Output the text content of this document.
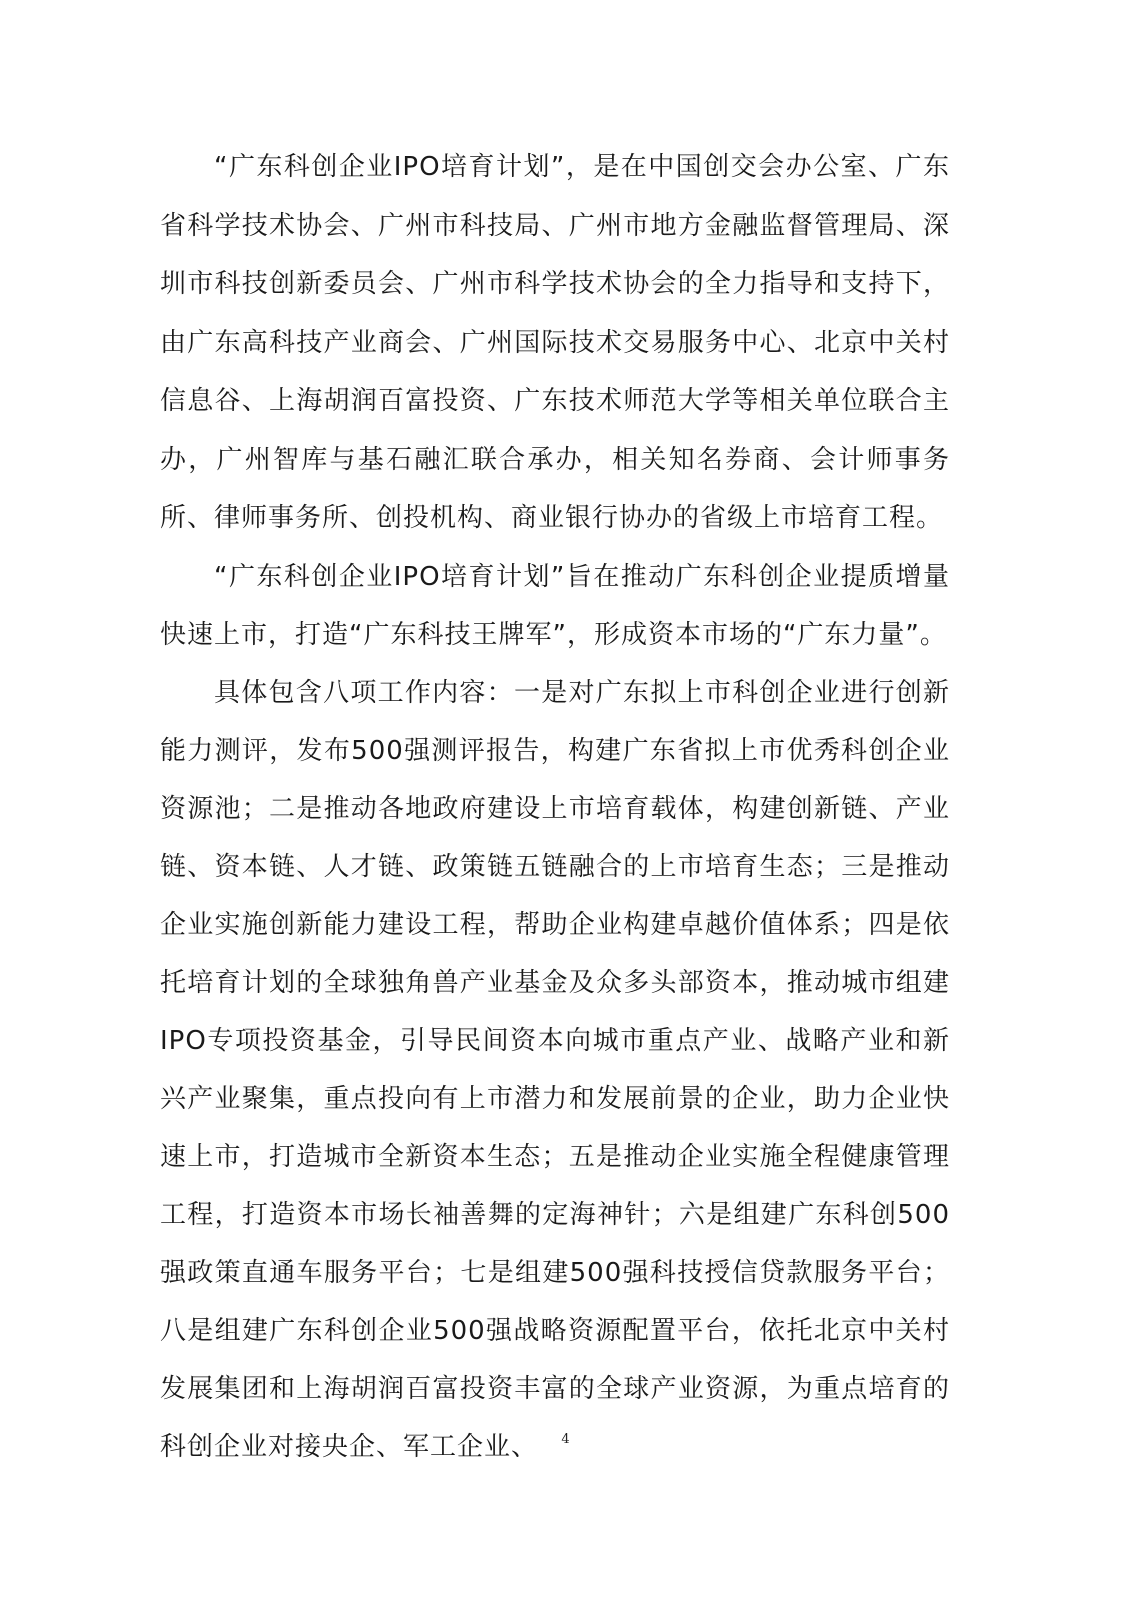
“广东科创企业IPO培育计划”，是在中国创交会办公室、广东省科学技术协会、广州市科技局、广州市地方金融监督管理局、深圳市科技创新委员会、广州市科学技术协会的全力指导和支持下，由广东高科技产业商会、广州国际技术交易服务中心、北京中关村信息谷、上海胡润百富投资、广东技术师范大学等相关单位联合主办，广州智库与基石融汇联合承办，相关知名券商、会计师事务所、律师事务所、创投机构、商业银行协办的省级上市培育工程。

“广东科创企业IPO培育计划”旨在推动广东科创企业提质增量快速上市，打造“广东科技王牌军”，形成资本市场的“广东力量”。

具体包含八项工作内容：一是对广东拟上市科创企业进行创新能力测评，发布500强测评报告，构建广东省拟上市优秀科创企业资源池；二是推动各地政府建设上市培育载体，构建创新链、产业链、资本链、人才链、政策链五链融合的上市培育生态；三是推动企业实施创新能力建设工程，帮助企业构建卓越价值体系；四是依托培育计划的全球独角兽产业基金及众多头部资本，推动城市组建IPO专项投资基金，引导民间资本向城市重点产业、战略产业和新兴产业聚集，重点投向有上市潜力和发展前景的企业，助力企业快速上市，打造城市全新资本生态；五是推动企业实施全程健康管理工程，打造资本市场长袖善舞的定海神针；六是组建广东科创500强政策直通车服务平台；七是组建500强科技授信贷款服务平台；八是组建广东科创企业500强战略资源配置平台，依托北京中关村发展集团和上海胡润百富投资丰富的全球产业资源，为重点培育的科创企业对接央企、军工企业、	4
